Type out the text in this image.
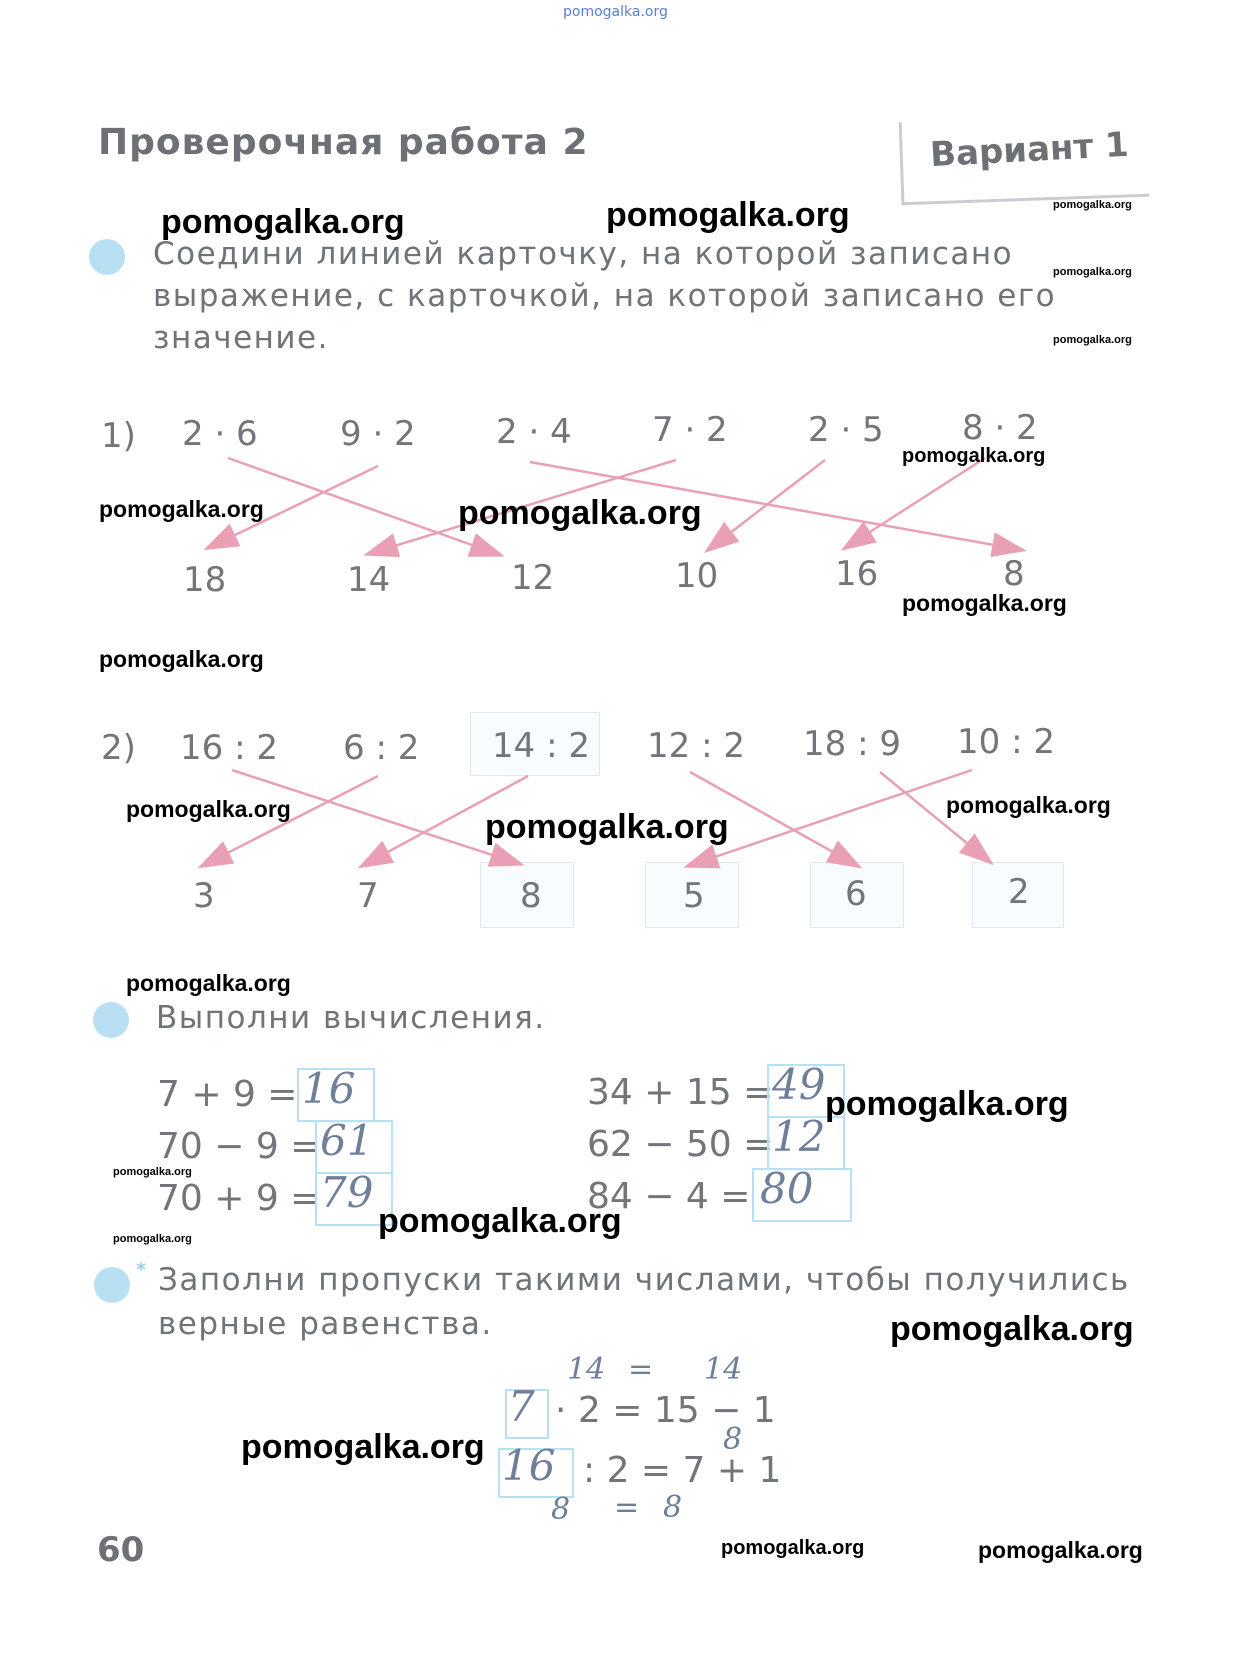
pomogalka.org
Проверочная работа 2	Вариант 1
Соедини линией карточку, на которой записано
выражение, с карточкой, на которой записано его
значение.
1) 2 · 6 9 · 2 2 · 4 7 · 2 2 · 5 8 · 2
18	14	12	10	16	8
2) 16 : 2 6 : 2 14 : 2 12 : 2 18 : 9 10 : 2
3	7	8	5	6	2
Выполни вычисления.
7 + 9 = 16
70 − 9 = 61
70 + 9 = 79
34 + 15 =
49
62 − 50 =
12
84 − 4 = 80
* Заполни пропуски такими числами, чтобы получились
верные равенства.
14 = 14
7 · 2 = 15 − 1
8
16 : 2 = 7 + 1
8 = 8
60
pomogalka.org	pomogalka.org	pomogalka.org
pomogalka.org
pomogalka.org
pomogalka.org
pomogalka.org	pomogalka.org
pomogalka.org
pomogalka.org
pomogalka.org	pomogalka.org
pomogalka.org
pomogalka.org
pomogalka.org
pomogalka.org
pomogalka.org
pomogalka.org
pomogalka.org
pomogalka.org
pomogalka.org	pomogalka.org
